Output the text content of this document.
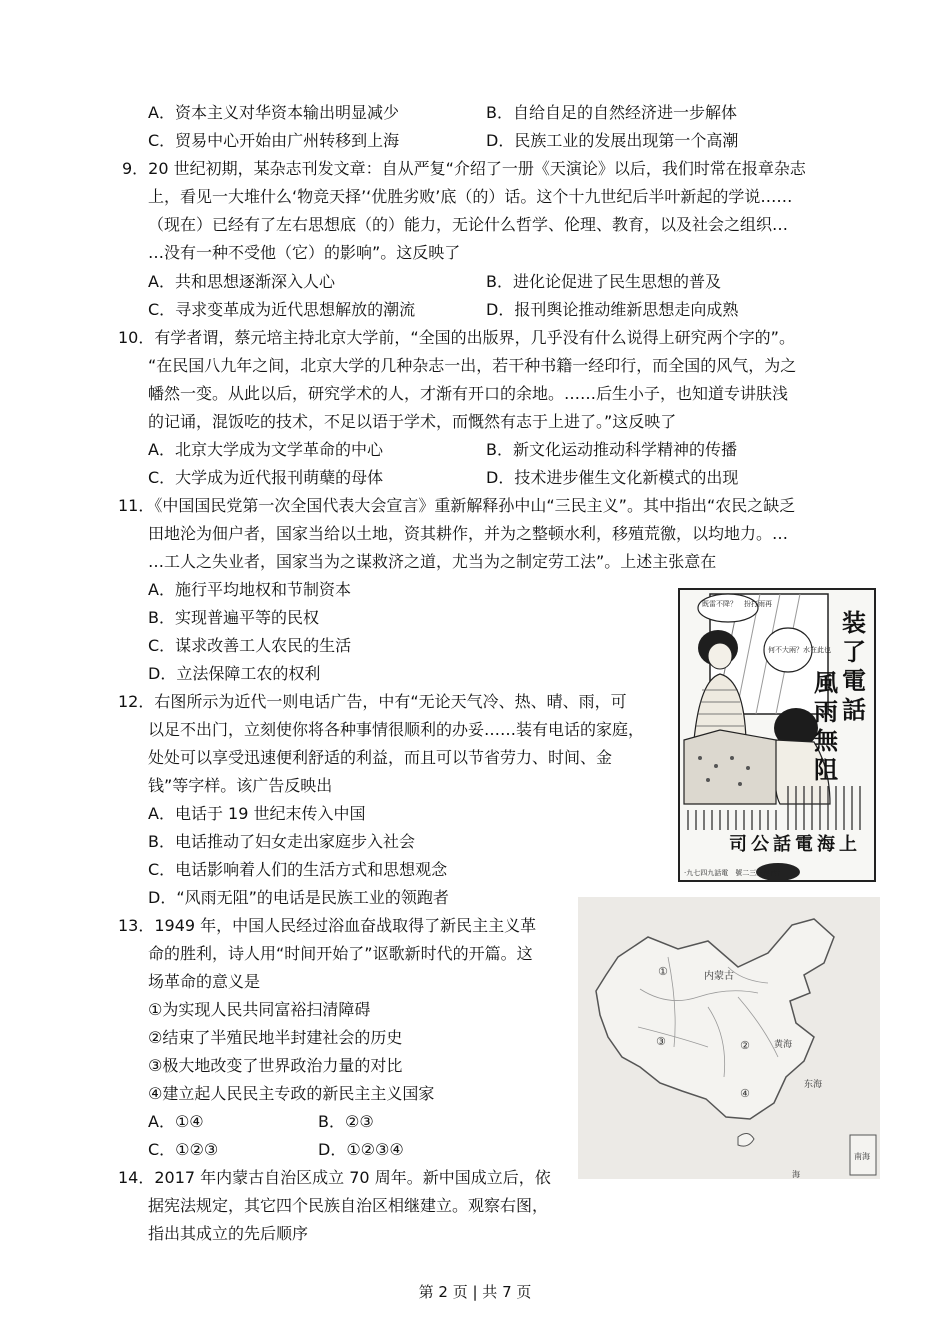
A．资本主义对华资本输出明显减少	B．自给自足的自然经济进一步解体
C．贸易中心开始由广州转移到上海	D．民族工业的发展出现第一个高潮
9．20 世纪初期，某杂志刊发文章：自从严复“介绍了一册《天演论》以后，我们时常在报章杂志
上，看见一大堆什么‘物竞天择’‘优胜劣败’底（的）话。这个十九世纪后半叶新起的学说……
（现在）已经有了左右思想底（的）能力，无论什么哲学、伦理、教育，以及社会之组织…
…没有一种不受他（它）的影响”。这反映了
A．共和思想逐渐深入人心	B．进化论促进了民生思想的普及
C．寻求变革成为近代思想解放的潮流	D．报刊舆论推动维新思想走向成熟
10．有学者谓，蔡元培主持北京大学前，“全国的出版界，几乎没有什么说得上研究两个字的”。
“在民国八九年之间，北京大学的几种杂志一出，若干种书籍一经印行，而全国的风气，为之
幡然一变。从此以后，研究学术的人，才渐有开口的余地。……后生小子，也知道专讲肤浅
的记诵，混饭吃的技术，不足以语于学术，而慨然有志于上进了。”这反映了
A．北京大学成为文学革命的中心	B．新文化运动推动科学精神的传播
C．大学成为近代报刊萌蘖的母体	D．技术进步催生文化新模式的出现
11．《中国国民党第一次全国代表大会宣言》重新解释孙中山“三民主义”。其中指出“农民之缺乏
田地沦为佃户者，国家当给以土地，资其耕作，并为之整顿水利，移殖荒徼，以均地力。…
…工人之失业者，国家当为之谋救济之道，尤当为之制定劳工法”。上述主张意在
A．施行平均地权和节制资本
B．实现普遍平等的民权
C．谋求改善工人农民的生活
D．立法保障工农的权利
12．右图所示为近代一则电话广告，中有“无论天气冷、热、晴、雨，可
以足不出门，立刻使你将各种事情很顺利的办妥……装有电话的家庭，
处处可以享受迅速便利舒适的利益，而且可以节省劳力、时间、金
钱”等字样。该广告反映出
A．电话于 19 世纪末传入中国
B．电话推动了妇女走出家庭步入社会
C．电话影响着人们的生活方式和思想观念
D．“风雨无阻”的电话是民族工业的领跑者
既雷不降？　扮打雨再
何不大兩？水在此也
·九七四九話電　號二三三路西江
装了
電話
風雨
無阻
上海電話公司
13．1949 年，中国人民经过浴血奋战取得了新民主主义革
命的胜利，诗人用“时间开始了”讴歌新时代的开篇。这
场革命的意义是
①为实现人民共同富裕扫清障碍
②结束了半殖民地半封建社会的历史
③极大地改变了世界政治力量的对比
④建立起人民民主专政的新民主主义国家
A．①④	B．②③
C．①②③	D．①②③④
黄海
东海
海
南海
内蒙古
①
②
③
④
14．2017 年内蒙古自治区成立 70 周年。新中国成立后，依
据宪法规定，其它四个民族自治区相继建立。观察右图，
指出其成立的先后顺序
第 2 页 | 共 7 页
